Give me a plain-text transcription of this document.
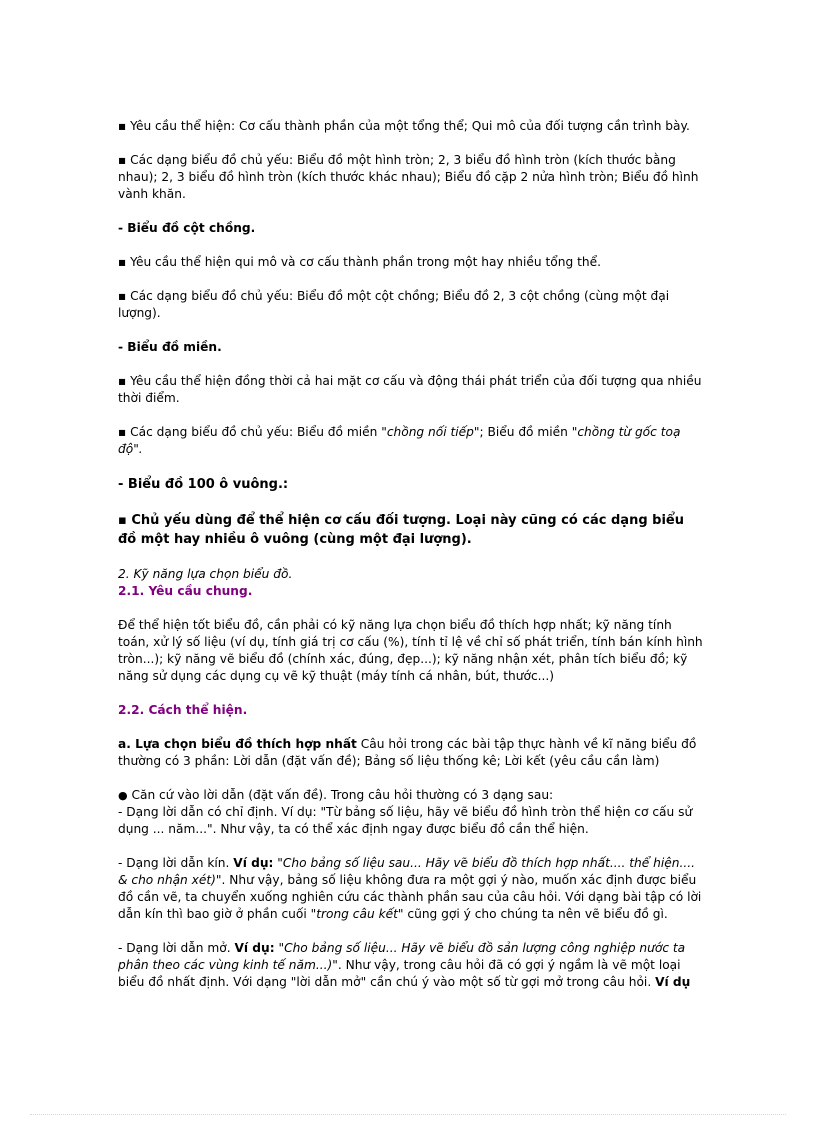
▪ Yêu cầu thể hiện: Cơ cấu thành phần của một tổng thể; Qui mô của đối tượng cần trình bày.

▪ Các dạng biểu đồ chủ yếu: Biểu đồ một hình tròn; 2, 3 biểu đồ hình tròn (kích thước bằng nhau); 2, 3 biểu đồ hình tròn (kích thước khác nhau); Biểu đồ cặp 2 nửa hình tròn; Biểu đồ hình vành khăn.

- Biểu đồ cột chồng.

▪ Yêu cầu thể hiện qui mô và cơ cấu thành phần trong một hay nhiều tổng thể.

▪ Các dạng biểu đồ chủ yếu: Biểu đồ một cột chồng; Biểu đồ 2, 3 cột chồng (cùng một đại lượng).

- Biểu đồ miền.

▪ Yêu cầu thể hiện đồng thời cả hai mặt cơ cấu và động thái phát triển của đối tượng qua nhiều thời điểm.

▪ Các dạng biểu đồ chủ yếu: Biểu đồ miền "chồng nối tiếp"; Biểu đồ miền "chồng từ gốc toạ độ".

- Biểu đồ 100 ô vuông.:

▪ Chủ yếu dùng để thể hiện cơ cấu đối tượng. Loại này cũng có các dạng biểu đồ một hay nhiều ô vuông (cùng một đại lượng).

2. Kỹ năng lựa chọn biểu đồ.

2.1. Yêu cầu chung.

Để thể hiện tốt biểu đồ, cần phải có kỹ năng lựa chọn biểu đồ thích hợp nhất; kỹ năng tính toán, xử lý số liệu (ví dụ, tính giá trị cơ cấu (%), tính tỉ lệ về chỉ số phát triển, tính bán kính hình tròn...); kỹ năng vẽ biểu đồ (chính xác, đúng, đẹp...); kỹ năng nhận xét, phân tích biểu đồ; kỹ năng sử dụng các dụng cụ vẽ kỹ thuật (máy tính cá nhân, bút, thước...)

2.2. Cách thể hiện.

a. Lựa chọn biểu đồ thích hợp nhất Câu hỏi trong các bài tập thực hành về kĩ năng biểu đồ thường có 3 phần: Lời dẫn (đặt vấn đề); Bảng số liệu thống kê; Lời kết (yêu cầu cần làm)

● Căn cứ vào lời dẫn (đặt vấn đề). Trong câu hỏi thường có 3 dạng sau:

- Dạng lời dẫn có chỉ định. Ví dụ: "Từ bảng số liệu, hãy vẽ biểu đồ hình tròn thể hiện cơ cấu sử dụng ... năm...". Như vậy, ta có thể xác định ngay được biểu đồ cần thể hiện.

- Dạng lời dẫn kín. Ví dụ: "Cho bảng số liệu sau... Hãy vẽ biểu đồ thích hợp nhất.... thể hiện.... & cho nhận xét)". Như vậy, bảng số liệu không đưa ra một gợi ý nào, muốn xác định được biểu đồ cần vẽ, ta chuyển xuống nghiên cứu các thành phần sau của câu hỏi. Với dạng bài tập có lời dẫn kín thì bao giờ ở phần cuối "trong câu kết" cũng gợi ý cho chúng ta nên vẽ biểu đồ gì.

- Dạng lời dẫn mở. Ví dụ: "Cho bảng số liệu... Hãy vẽ biểu đồ sản lượng công nghiệp nước ta phân theo các vùng kinh tế năm...)". Như vậy, trong câu hỏi đã có gợi ý ngầm là vẽ một loại biểu đồ nhất định. Với dạng "lời dẫn mở" cần chú ý vào một số từ gợi mở trong câu hỏi. Ví dụ
